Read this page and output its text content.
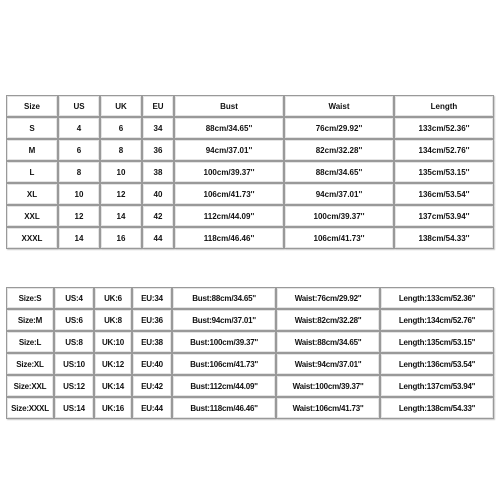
Size	US	UK	EU	Bust	Waist	Length
S	4	6	34	88cm/34.65''	76cm/29.92''	133cm/52.36''
M	6	8	36	94cm/37.01''	82cm/32.28''	134cm/52.76''
L	8	10	38	100cm/39.37''	88cm/34.65''	135cm/53.15''
XL	10	12	40	106cm/41.73''	94cm/37.01''	136cm/53.54''
XXL	12	14	42	112cm/44.09''	100cm/39.37''	137cm/53.94''
XXXL	14	16	44	118cm/46.46''	106cm/41.73''	138cm/54.33''
Size:S	US:4	UK:6	EU:34	Bust:88cm/34.65''	Waist:76cm/29.92''	Length:133cm/52.36''
Size:M	US:6	UK:8	EU:36	Bust:94cm/37.01''	Waist:82cm/32.28''	Length:134cm/52.76''
Size:L	US:8	UK:10	EU:38	Bust:100cm/39.37''	Waist:88cm/34.65''	Length:135cm/53.15''
Size:XL	US:10	UK:12	EU:40	Bust:106cm/41.73''	Waist:94cm/37.01''	Length:136cm/53.54''
Size:XXL	US:12	UK:14	EU:42	Bust:112cm/44.09''	Waist:100cm/39.37''	Length:137cm/53.94''
Size:XXXL	US:14	UK:16	EU:44	Bust:118cm/46.46''	Waist:106cm/41.73''	Length:138cm/54.33''
